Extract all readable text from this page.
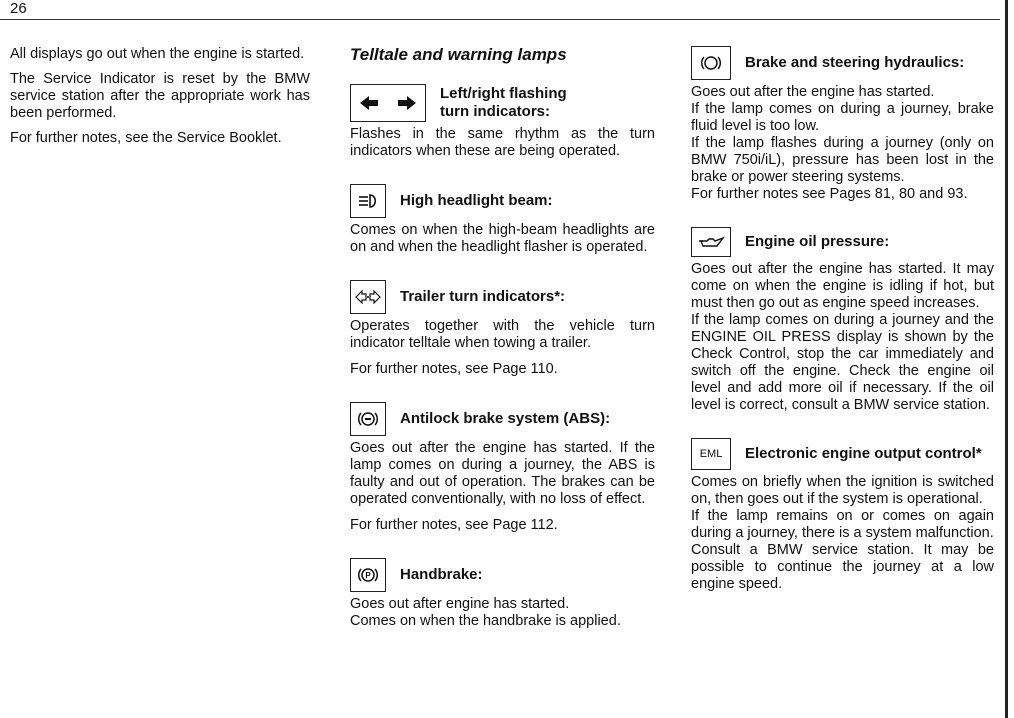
26

All displays go out when the engine is started.

The Service Indicator is reset by the BMW service station after the appropriate work has been performed.

For further notes, see the Service Booklet.

Telltale and warning lamps
Left/right flashing turn indicators:

Flashes in the same rhythm as the turn indicators when these are being operated.

High headlight beam:

Comes on when the high-beam headlights are on and when the headlight flasher is operated.

Trailer turn indicators*:

Operates together with the vehicle turn indicator telltale when towing a trailer.

For further notes, see Page 110.

Antilock brake system (ABS):

Goes out after the engine has started. If the lamp comes on during a journey, the ABS is faulty and out of operation. The brakes can be operated conventionally, with no loss of effect.

For further notes, see Page 112.

P Handbrake:

Goes out after engine has started.

Comes on when the handbrake is applied.

Brake and steering hydraulics:

Goes out after the engine has started.

If the lamp comes on during a journey, brake fluid level is too low.

If the lamp flashes during a journey (only on BMW 750i/iL), pressure has been lost in the brake or power steering systems.

For further notes see Pages 81, 80 and 93.

Engine oil pressure:

Goes out after the engine has started. It may come on when the engine is idling if hot, but must then go out as engine speed increases.

If the lamp comes on during a journey and the ENGINE OIL PRESS display is shown by the Check Control, stop the car immediately and switch off the engine. Check the engine oil level and add more oil if necessary. If the oil level is correct, consult a BMW service station.

EML	Electronic engine output control*

Comes on briefly when the ignition is switched on, then goes out if the system is operational.

If the lamp remains on or comes on again during a journey, there is a system malfunction.

Consult a BMW service station. It may be possible to continue the journey at a low engine speed.
